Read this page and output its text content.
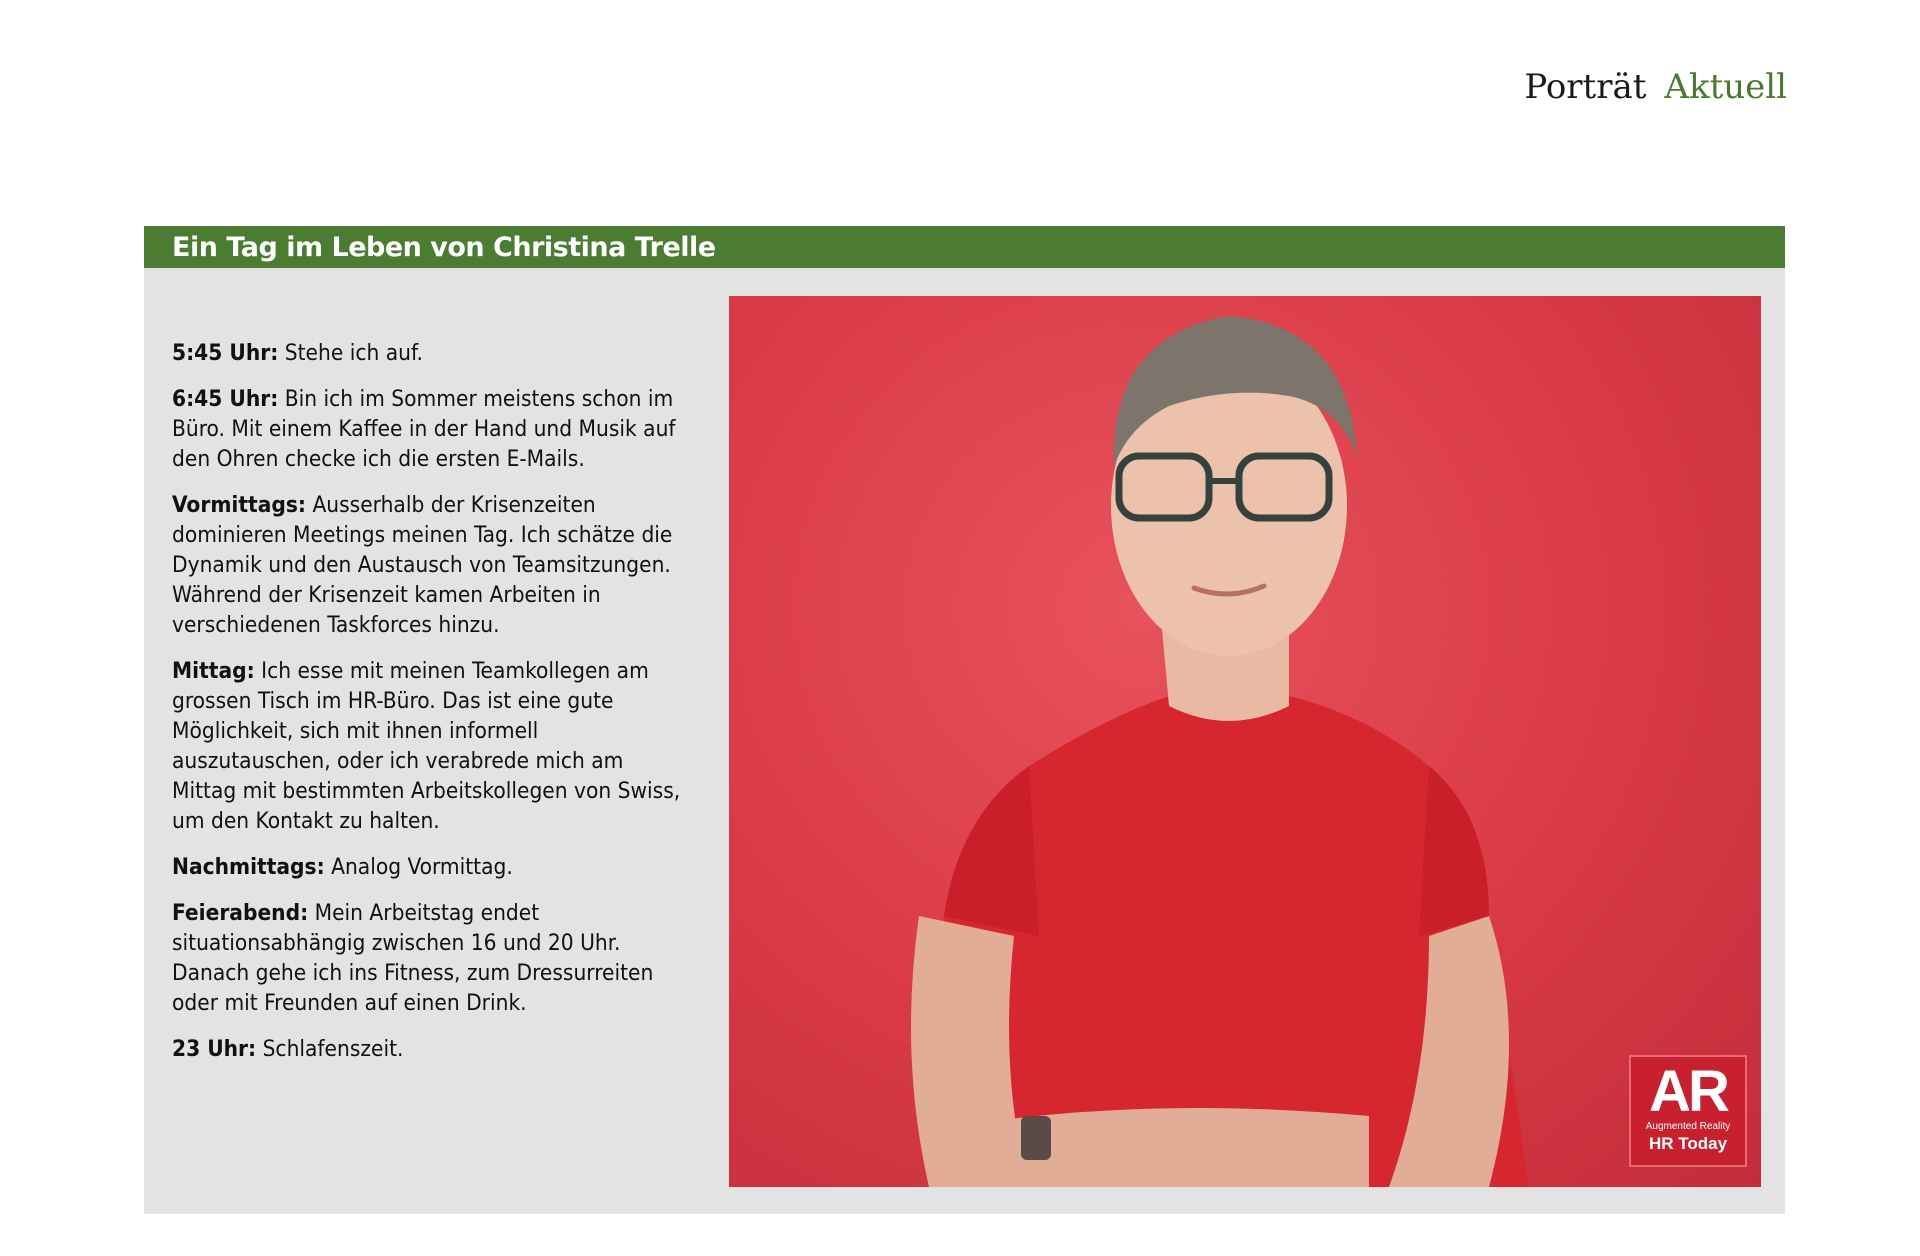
Porträt Aktuell
Ein Tag im Leben von Christina Trelle

5:45 Uhr: Stehe ich auf.

6:45 Uhr: Bin ich im Sommer meistens schon im Büro. Mit einem Kaffee in der Hand und Musik auf den Ohren checke ich die ersten E-Mails.

Vormittags: Ausserhalb der Krisenzeiten dominieren Meetings meinen Tag. Ich schätze die Dynamik und den Austausch von Teamsitzungen. Während der Krisenzeit kamen Arbeiten in verschiedenen Taskforces hinzu.

Mittag: Ich esse mit meinen Teamkollegen am grossen Tisch im HR-Büro. Das ist eine gute Möglichkeit, sich mit ihnen informell auszutauschen, oder ich verabrede mich am Mittag mit bestimmten Arbeitskollegen von Swiss, um den Kontakt zu halten.

Nachmittags: Analog Vormittag.

Feierabend: Mein Arbeitstag endet situationsabhängig zwischen 16 und 20 Uhr. Danach gehe ich ins Fitness, zum Dressurreiten oder mit Freunden auf einen Drink.

23 Uhr: Schlafenszeit.

AR
Augmented Reality
HR Today
